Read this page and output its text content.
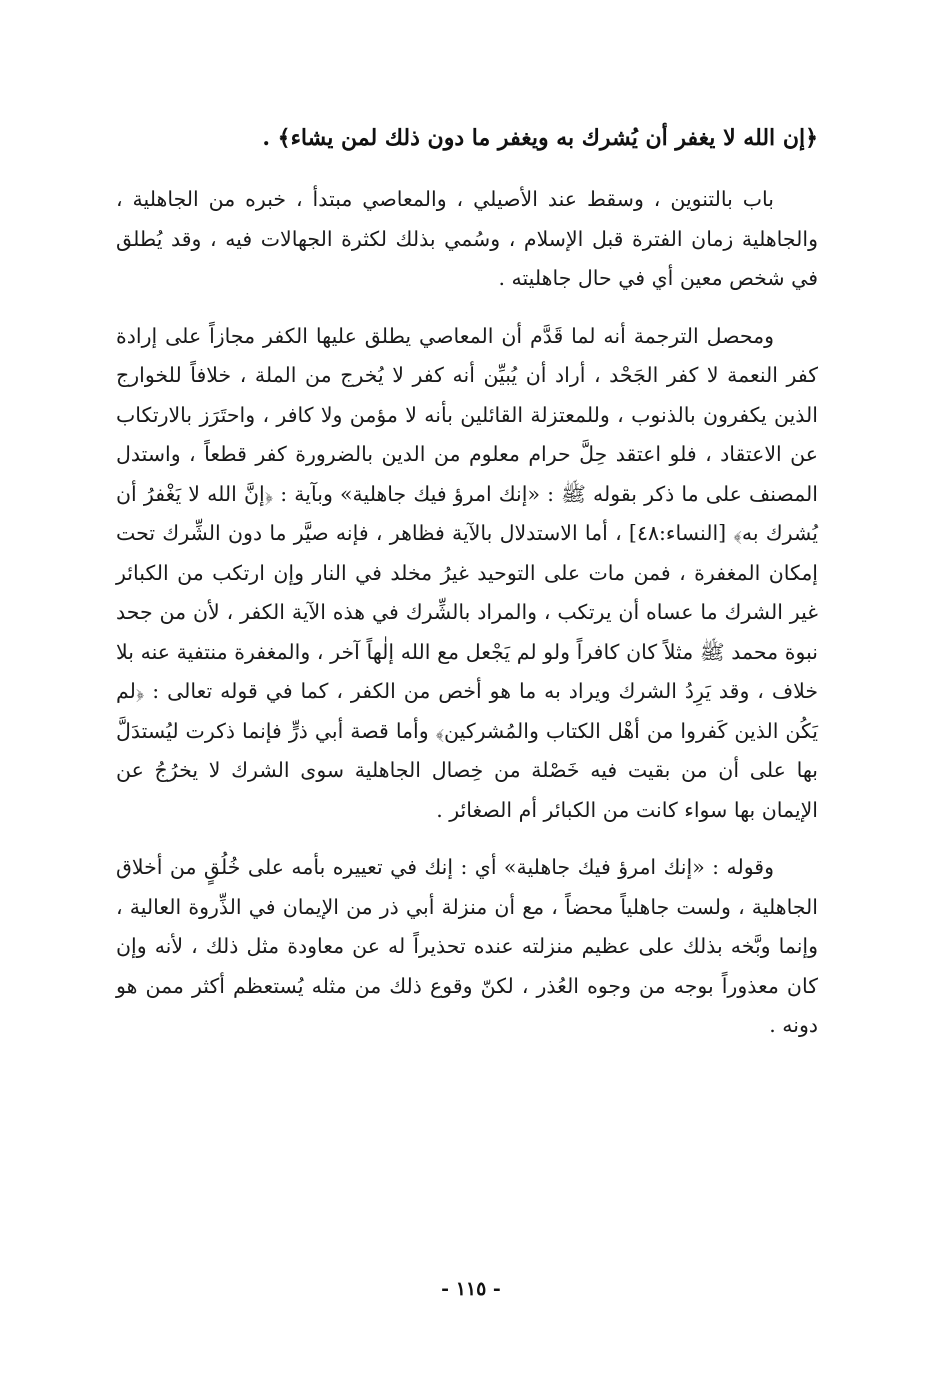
﴿إن الله لا يغفر أن يُشرك به ويغفر ما دون ذلك لمن يشاء﴾ .

باب بالتنوين ، وسقط عند الأصيلي ، والمعاصي مبتدأ ، خبره من الجاهلية ، والجاهلية زمان الفترة قبل الإسلام ، وسُمي بذلك لكثرة الجهالات فيه ، وقد يُطلق في شخص معين أي في حال جاهليته .

ومحصل الترجمة أنه لما قَدَّم أن المعاصي يطلق عليها الكفر مجازاً على إرادة كفر النعمة لا كفر الجَحْد ، أراد أن يُبيِّن أنه كفر لا يُخرج من الملة ، خلافاً للخوارج الذين يكفرون بالذنوب ، وللمعتزلة القائلين بأنه لا مؤمن ولا كافر ، واحتَرَز بالارتكاب عن الاعتقاد ، فلو اعتقد حِلَّ حرام معلوم من الدين بالضرورة كفر قطعاً ، واستدل المصنف على ما ذكر بقوله ﷺ : «إنك امرؤ فيك جاهلية» وبآية : ﴿إنَّ الله لا يَغْفرُ أن يُشرك به﴾ [النساء:٤٨] ، أما الاستدلال بالآية فظاهر ، فإنه صيَّر ما دون الشِّرك تحت إمكان المغفرة ، فمن مات على التوحيد غيرُ مخلد في النار وإن ارتكب من الكبائر غير الشرك ما عساه أن يرتكب ، والمراد بالشِّرك في هذه الآية الكفر ، لأن من جحد نبوة محمد ﷺ مثلاً كان كافراً ولو لم يَجْعل مع الله إلٰهاً آخر ، والمغفرة منتفية عنه بلا خلاف ، وقد يَرِدُ الشرك ويراد به ما هو أخص من الكفر ، كما في قوله تعالى : ﴿لم يَكُن الذين كَفروا من أهْل الكتاب والمُشركين﴾ وأما قصة أبي ذرٍّ فإنما ذكرت ليُستدَلَّ بها على أن من بقيت فيه خَصْلة من خِصال الجاهلية سوى الشرك لا يخرُجُ عن الإيمان بها سواء كانت من الكبائر أم الصغائر .

وقوله : «إنك امرؤ فيك جاهلية» أي : إنك في تعييره بأمه على خُلُقٍ من أخلاق الجاهلية ، ولست جاهلياً محضاً ، مع أن منزلة أبي ذر من الإيمان في الذِّروة العالية ، وإنما وبَّخه بذلك على عظيم منزلته عنده تحذيراً له عن معاودة مثل ذلك ، لأنه وإن كان معذوراً بوجه من وجوه العُذر ، لكنّ وقوع ذلك من مثله يُستعظم أكثر ممن هو دونه .

- ١١٥ -
